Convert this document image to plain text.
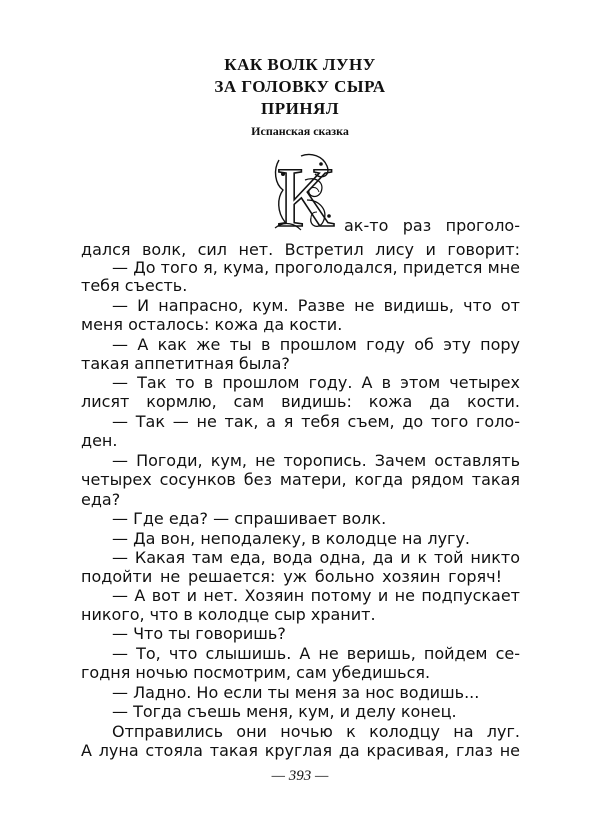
КАК ВОЛК ЛУНУ
ЗА ГОЛОВКУ СЫРА
ПРИНЯЛ
Испанская сказка
К ак-то раз проголо-
дался волк, сил нет. Встретил лису и говорит:
— До того я, кума, проголодался, придется мне
тебя съесть.
— И напрасно, кум. Разве не видишь, что от
меня осталось: кожа да кости.
— А как же ты в прошлом году об эту пору
такая аппетитная была?
— Так то в прошлом году. А в этом четырех
лисят кормлю, сам видишь: кожа да кости.
— Так — не так, а я тебя съем, до того голо-
ден.
— Погоди, кум, не торопись. Зачем оставлять
четырех сосунков без матери, когда рядом такая
еда?
— Где еда? — спрашивает волк.
— Да вон, неподалеку, в колодце на лугу.
— Какая там еда, вода одна, да и к той никто
подойти не решается: уж больно хозяин горяч!
— А вот и нет. Хозяин потому и не подпускает
никого, что в колодце сыр хранит.
— Что ты говоришь?
— То, что слышишь. А не веришь, пойдем се-
годня ночью посмотрим, сам убедишься.
— Ладно. Но если ты меня за нос водишь...
— Тогда съешь меня, кум, и делу конец.
Отправились они ночью к колодцу на луг.
А луна стояла такая круглая да красивая, глаз не
— 393 —
